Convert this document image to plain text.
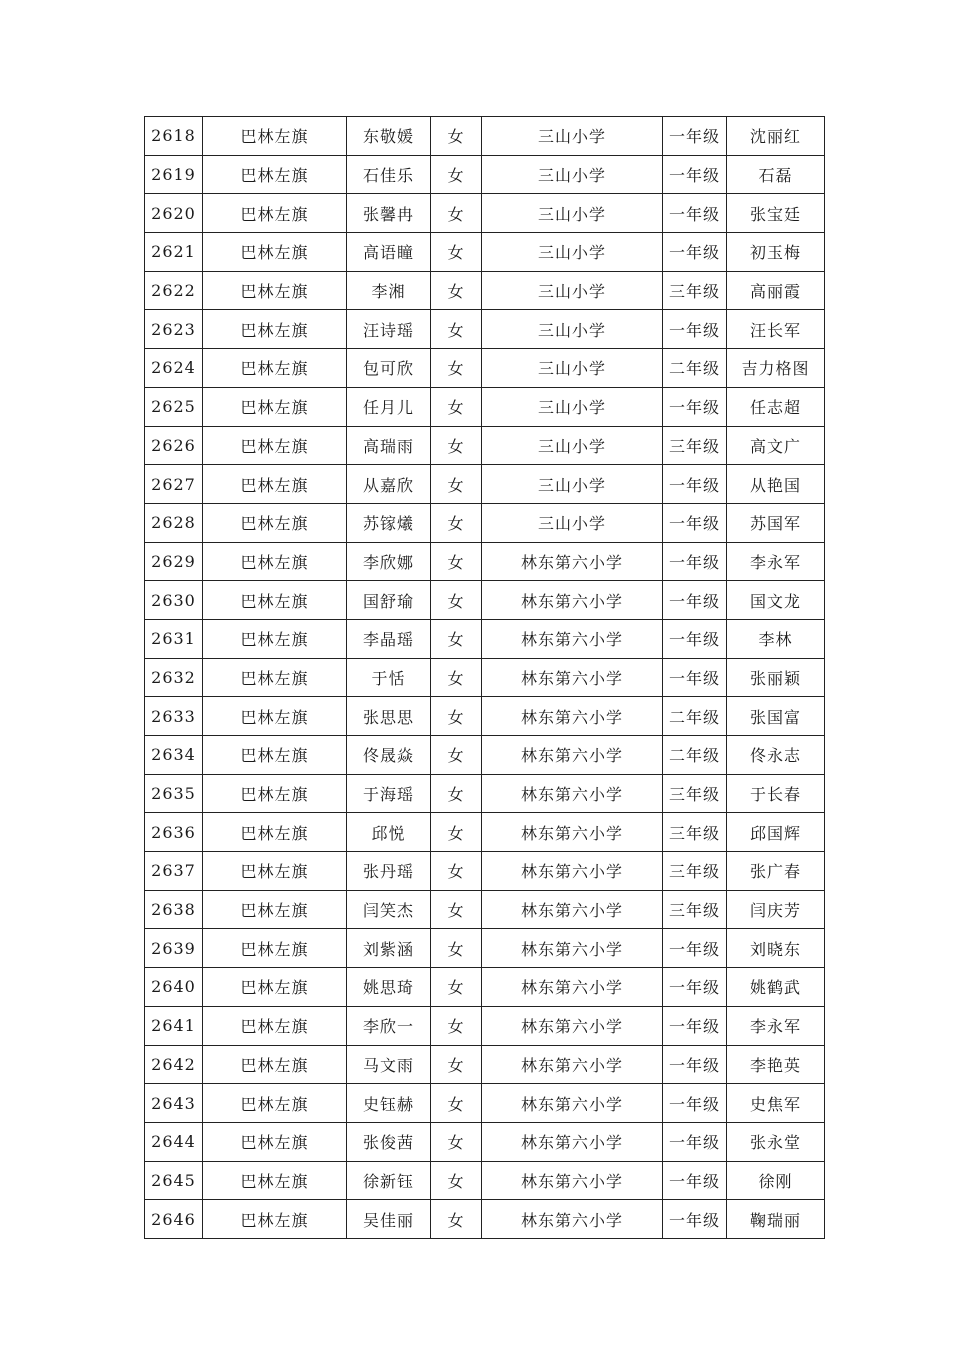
2618	巴林左旗	东敬媛	女	三山小学	一年级	沈丽红
2619	巴林左旗	石佳乐	女	三山小学	一年级	石磊
2620	巴林左旗	张馨冉	女	三山小学	一年级	张宝廷
2621	巴林左旗	高语瞳	女	三山小学	一年级	初玉梅
2622	巴林左旗	李湘	女	三山小学	三年级	高丽霞
2623	巴林左旗	汪诗瑶	女	三山小学	一年级	汪长军
2624	巴林左旗	包可欣	女	三山小学	二年级	吉力格图
2625	巴林左旗	任月儿	女	三山小学	一年级	任志超
2626	巴林左旗	高瑞雨	女	三山小学	三年级	高文广
2627	巴林左旗	从嘉欣	女	三山小学	一年级	从艳国
2628	巴林左旗	苏镓爔	女	三山小学	一年级	苏国军
2629	巴林左旗	李欣娜	女	林东第六小学	一年级	李永军
2630	巴林左旗	国舒瑜	女	林东第六小学	一年级	国文龙
2631	巴林左旗	李晶瑶	女	林东第六小学	一年级	李林
2632	巴林左旗	于恬	女	林东第六小学	一年级	张丽颖
2633	巴林左旗	张思思	女	林东第六小学	二年级	张国富
2634	巴林左旗	佟晟焱	女	林东第六小学	二年级	佟永志
2635	巴林左旗	于海瑶	女	林东第六小学	三年级	于长春
2636	巴林左旗	邱悦	女	林东第六小学	三年级	邱国辉
2637	巴林左旗	张丹瑶	女	林东第六小学	三年级	张广春
2638	巴林左旗	闫笑杰	女	林东第六小学	三年级	闫庆芳
2639	巴林左旗	刘紫涵	女	林东第六小学	一年级	刘晓东
2640	巴林左旗	姚思琦	女	林东第六小学	一年级	姚鹤武
2641	巴林左旗	李欣一	女	林东第六小学	一年级	李永军
2642	巴林左旗	马文雨	女	林东第六小学	一年级	李艳英
2643	巴林左旗	史钰赫	女	林东第六小学	一年级	史焦军
2644	巴林左旗	张俊茜	女	林东第六小学	一年级	张永堂
2645	巴林左旗	徐新钰	女	林东第六小学	一年级	徐刚
2646	巴林左旗	吴佳丽	女	林东第六小学	一年级	鞠瑞丽
